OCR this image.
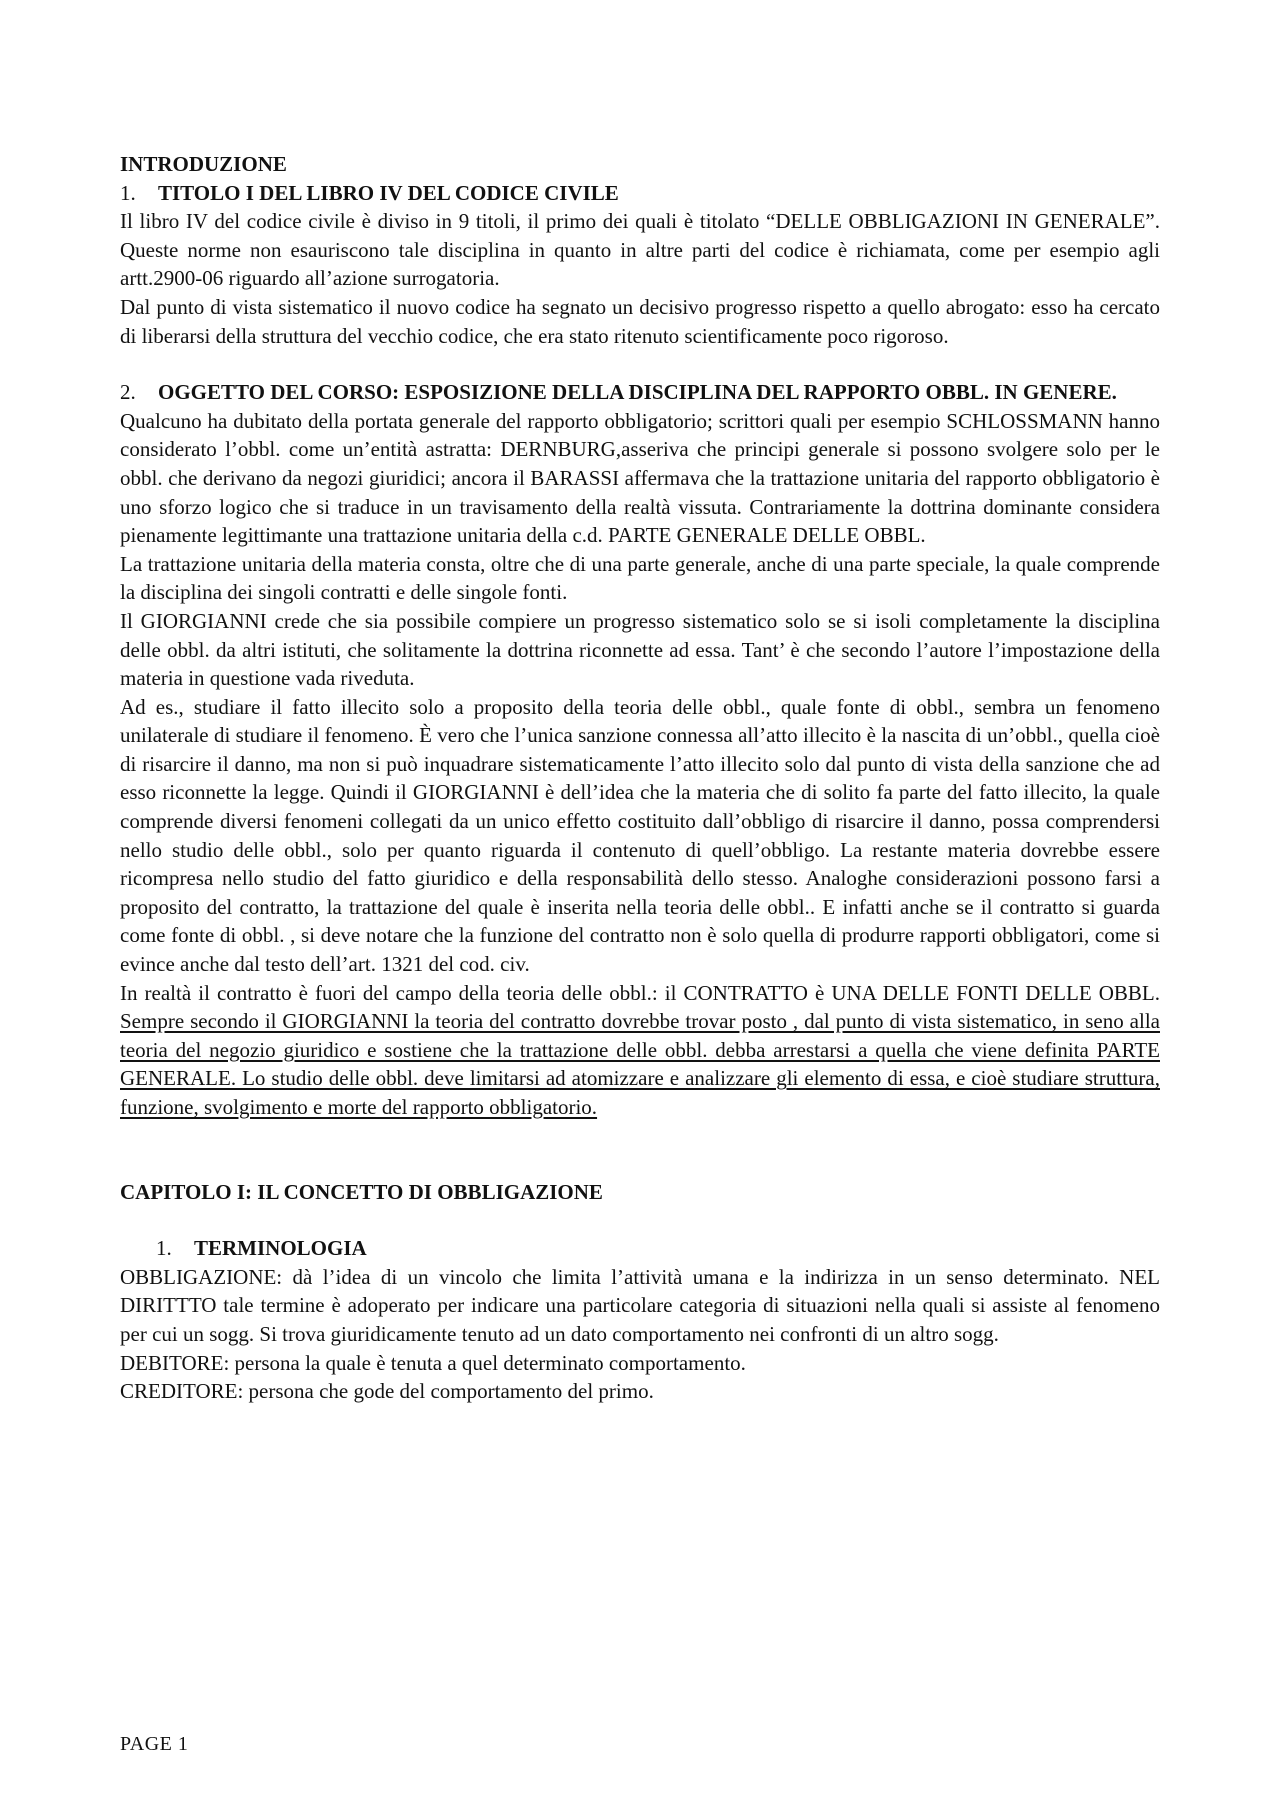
INTRODUZIONE

1.	TITOLO I DEL LIBRO IV DEL CODICE CIVILE

Il libro IV del codice civile è diviso in 9 titoli, il primo dei quali è titolato “DELLE OBBLIGAZIONI IN GENERALE”. Queste norme non esauriscono tale disciplina in quanto in altre parti del codice è richiamata, come per esempio agli artt.2900-06 riguardo all’azione surrogatoria.

Dal punto di vista sistematico il nuovo codice ha segnato un decisivo progresso rispetto a quello abrogato: esso ha cercato di liberarsi della struttura del vecchio codice, che era stato ritenuto scientificamente poco rigoroso.

2.	OGGETTO DEL CORSO: ESPOSIZIONE DELLA DISCIPLINA DEL RAPPORTO OBBL. IN GENERE.

Qualcuno ha dubitato della portata generale del rapporto obbligatorio; scrittori quali per esempio SCHLOSSMANN hanno considerato l’obbl. come un’entità astratta: DERNBURG,asseriva che principi generale si possono svolgere solo per le obbl. che derivano da negozi giuridici; ancora il BARASSI affermava che la trattazione unitaria del rapporto obbligatorio è uno sforzo logico che si traduce in un travisamento della realtà vissuta. Contrariamente la dottrina dominante considera pienamente legittimante una trattazione unitaria della c.d. PARTE GENERALE DELLE OBBL.

La trattazione unitaria della materia consta, oltre che di una parte generale, anche di una parte speciale, la quale comprende la disciplina dei singoli contratti e delle singole fonti.

Il GIORGIANNI crede che sia possibile compiere un progresso sistematico solo se si isoli completamente la disciplina delle obbl. da altri istituti, che solitamente la dottrina riconnette ad essa. Tant’ è che secondo l’autore l’impostazione della materia in questione vada riveduta.

Ad es., studiare il fatto illecito solo a proposito della teoria delle obbl., quale fonte di obbl., sembra un fenomeno unilaterale di studiare il fenomeno. È vero che l’unica sanzione connessa all’atto illecito è la nascita di un’obbl., quella cioè di risarcire il danno, ma non si può inquadrare sistematicamente l’atto illecito solo dal punto di vista della sanzione che ad esso riconnette la legge. Quindi il GIORGIANNI è dell’idea che la materia che di solito fa parte del fatto illecito, la quale comprende diversi fenomeni collegati da un unico effetto costituito dall’obbligo di risarcire il danno, possa comprendersi nello studio delle obbl., solo per quanto riguarda il contenuto di quell’obbligo. La restante materia dovrebbe essere ricompresa nello studio del fatto giuridico e della responsabilità dello stesso. Analoghe considerazioni possono farsi a proposito del contratto, la trattazione del quale è inserita nella teoria delle obbl.. E infatti anche se il contratto si guarda come fonte di obbl. , si deve notare che la funzione del contratto non è solo quella di produrre rapporti obbligatori, come si evince anche dal testo dell’art. 1321 del cod. civ.

In realtà il contratto è fuori del campo della teoria delle obbl.: il CONTRATTO è UNA DELLE FONTI DELLE OBBL. Sempre secondo il GIORGIANNI la teoria del contratto dovrebbe trovar posto , dal punto di vista sistematico, in seno alla teoria del negozio giuridico e sostiene che la trattazione delle obbl. debba arrestarsi a quella che viene definita PARTE GENERALE. Lo studio delle obbl. deve limitarsi ad atomizzare e analizzare gli elemento di essa, e cioè studiare struttura, funzione, svolgimento e morte del rapporto obbligatorio.

CAPITOLO I: IL CONCETTO DI OBBLIGAZIONE

1.	TERMINOLOGIA

OBBLIGAZIONE: dà l’idea di un vincolo che limita l’attività umana e la indirizza in un senso determinato. NEL DIRITTTO tale termine è adoperato per indicare una particolare categoria di situazioni nella quali si assiste al fenomeno per cui un sogg. Si trova giuridicamente tenuto ad un dato comportamento nei confronti di un altro sogg.

DEBITORE: persona la quale è tenuta a quel determinato comportamento.

CREDITORE: persona che gode del comportamento del primo.

PAGE 1
